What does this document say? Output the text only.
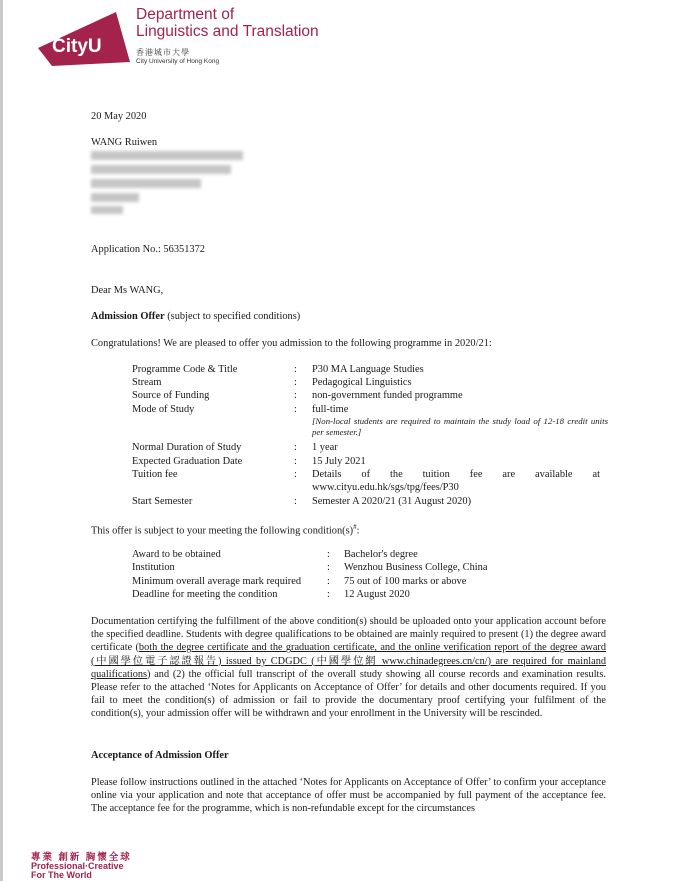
CityU
Department of
Linguistics and Translation
香港城市大學
City University of Hong Kong
20 May 2020
WANG Ruiwen
Application No.: 56351372
Dear Ms WANG,
Admission Offer (subject to specified conditions)
Congratulations! We are pleased to offer you admission to the following programme in 2020/21:
Programme Code & Title	: P30 MA Language Studies
Stream	: Pedagogical Linguistics
Source of Funding	: non-government funded programme
Mode of Study	: full-time
[Non-local students are required to maintain the study load of 12-18 credit units per semester.]
Normal Duration of Study	: 1 year
Expected Graduation Date	: 15 July 2021
Tuition fee	: Details of the tuition fee are available at
www.cityu.edu.hk/sgs/tpg/fees/P30
Start Semester	: Semester A 2020/21 (31 August 2020)
This offer is subject to your meeting the following condition(s)#:
Award to be obtained	: Bachelor's degree
Institution	: Wenzhou Business College, China
Minimum overall average mark required : 75 out of 100 marks or above
Deadline for meeting the condition	: 12 August 2020
Documentation certifying the fulfillment of the above condition(s) should be uploaded onto your application account before the specified deadline. Students with degree qualifications to be obtained are mainly required to present (1) the degree award certificate (both the degree certificate and the graduation certificate, and the online verification report of the degree award (中國學位電子認證報告) issued by CDGDC (中國學位網 www.chinadegrees.cn/cn/) are required for mainland qualifications) and (2) the official full transcript of the overall study showing all course records and examination results. Please refer to the attached ‘Notes for Applicants on Acceptance of Offer’ for details and other documents required. If you fail to meet the condition(s) of admission or fail to provide the documentary proof certifying your fulfilment of the condition(s), your admission offer will be withdrawn and your enrollment in the University will be rescinded.
Acceptance of Admission Offer
Please follow instructions outlined in the attached ‘Notes for Applicants on Acceptance of Offer’ to confirm your acceptance online via your application and note that acceptance of offer must be accompanied by full payment of the acceptance fee. The acceptance fee for the programme, which is non-refundable except for the circumstances
專業 創新 胸懷全球
Professional·Creative
For The World
